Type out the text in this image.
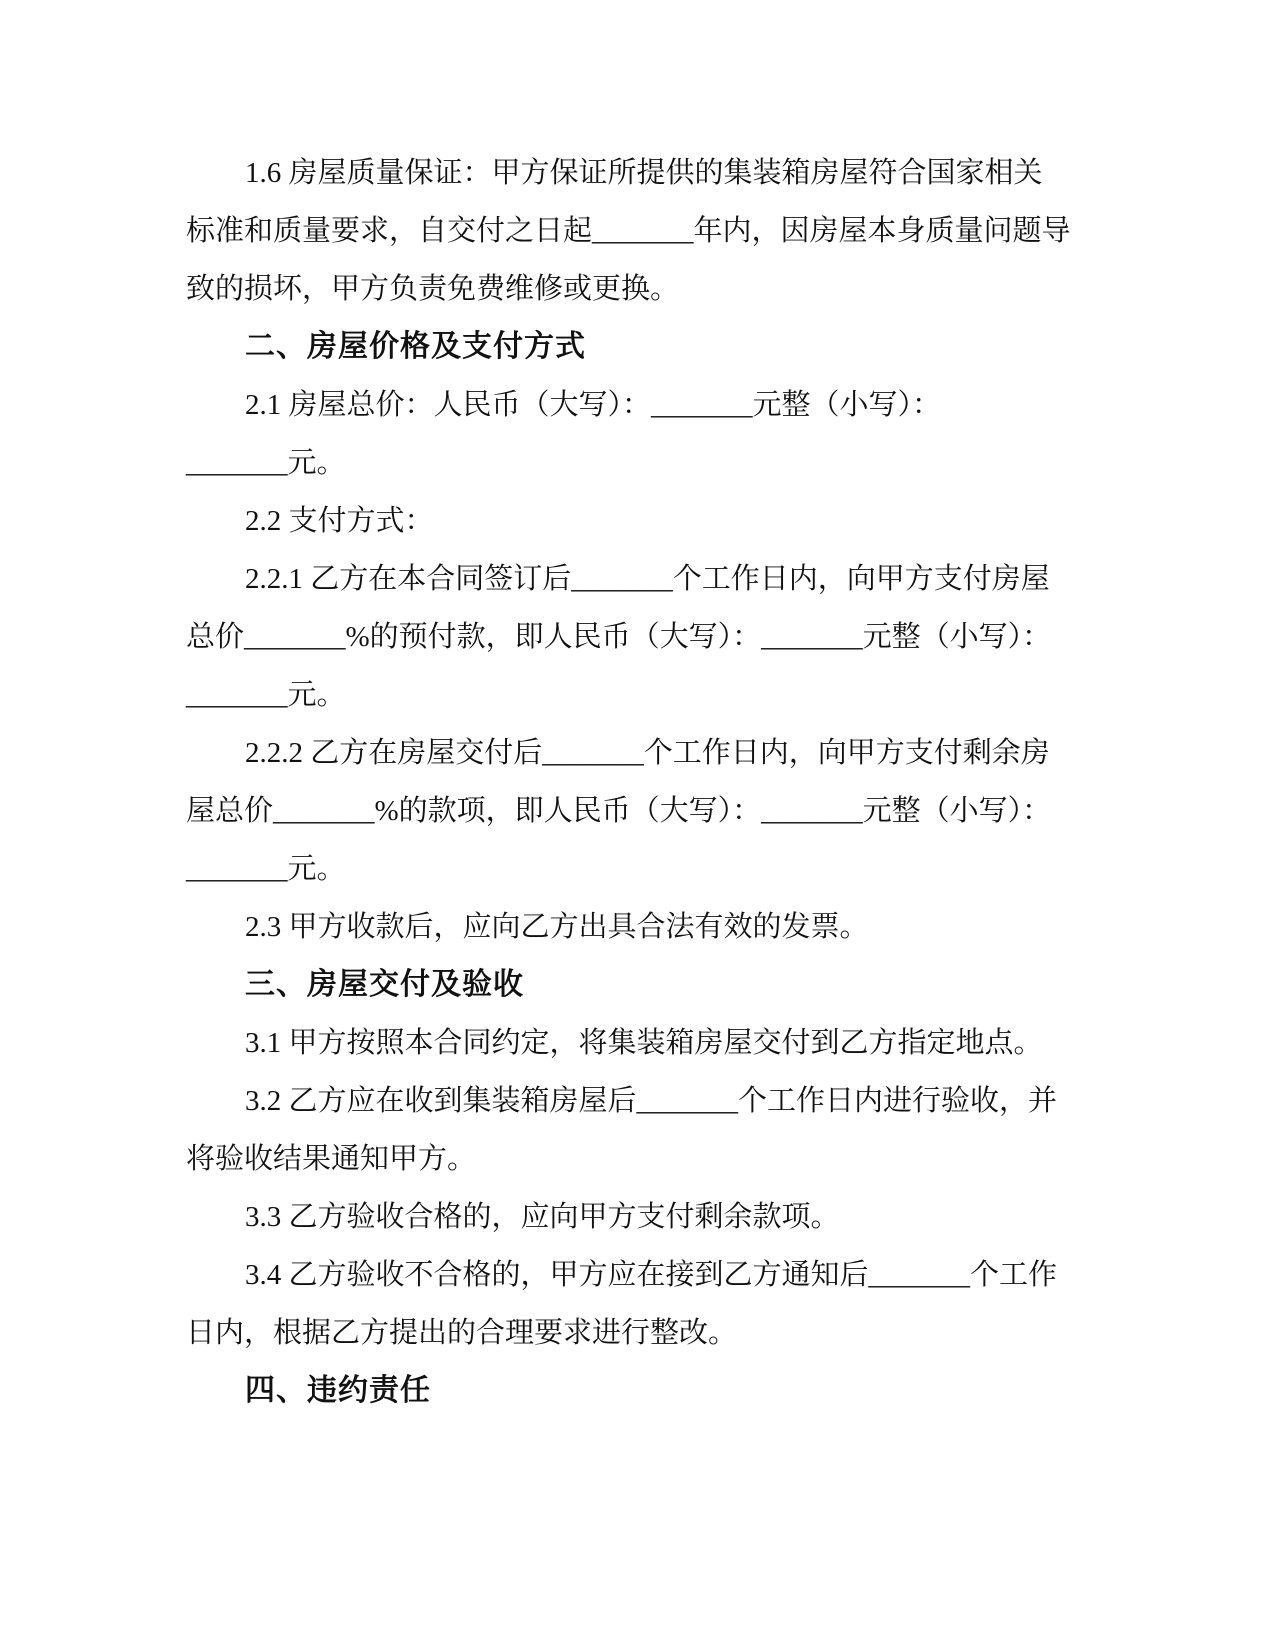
1.6 房屋质量保证：甲方保证所提供的集装箱房屋符合国家相关
标准和质量要求，自交付之日起_______年内，因房屋本身质量问题导
致的损坏，甲方负责免费维修或更换。
二、房屋价格及支付方式
2.1 房屋总价：人民币（大写）：_______元整（小写）：
_______元。
2.2 支付方式：
2.2.1 乙方在本合同签订后_______个工作日内，向甲方支付房屋
总价_______%的预付款，即人民币（大写）：_______元整（小写）：
_______元。
2.2.2 乙方在房屋交付后_______个工作日内，向甲方支付剩余房
屋总价_______%的款项，即人民币（大写）：_______元整（小写）：
_______元。
2.3 甲方收款后，应向乙方出具合法有效的发票。
三、房屋交付及验收
3.1 甲方按照本合同约定，将集装箱房屋交付到乙方指定地点。
3.2 乙方应在收到集装箱房屋后_______个工作日内进行验收，并
将验收结果通知甲方。
3.3 乙方验收合格的，应向甲方支付剩余款项。
3.4 乙方验收不合格的，甲方应在接到乙方通知后_______个工作
日内，根据乙方提出的合理要求进行整改。
四、违约责任
